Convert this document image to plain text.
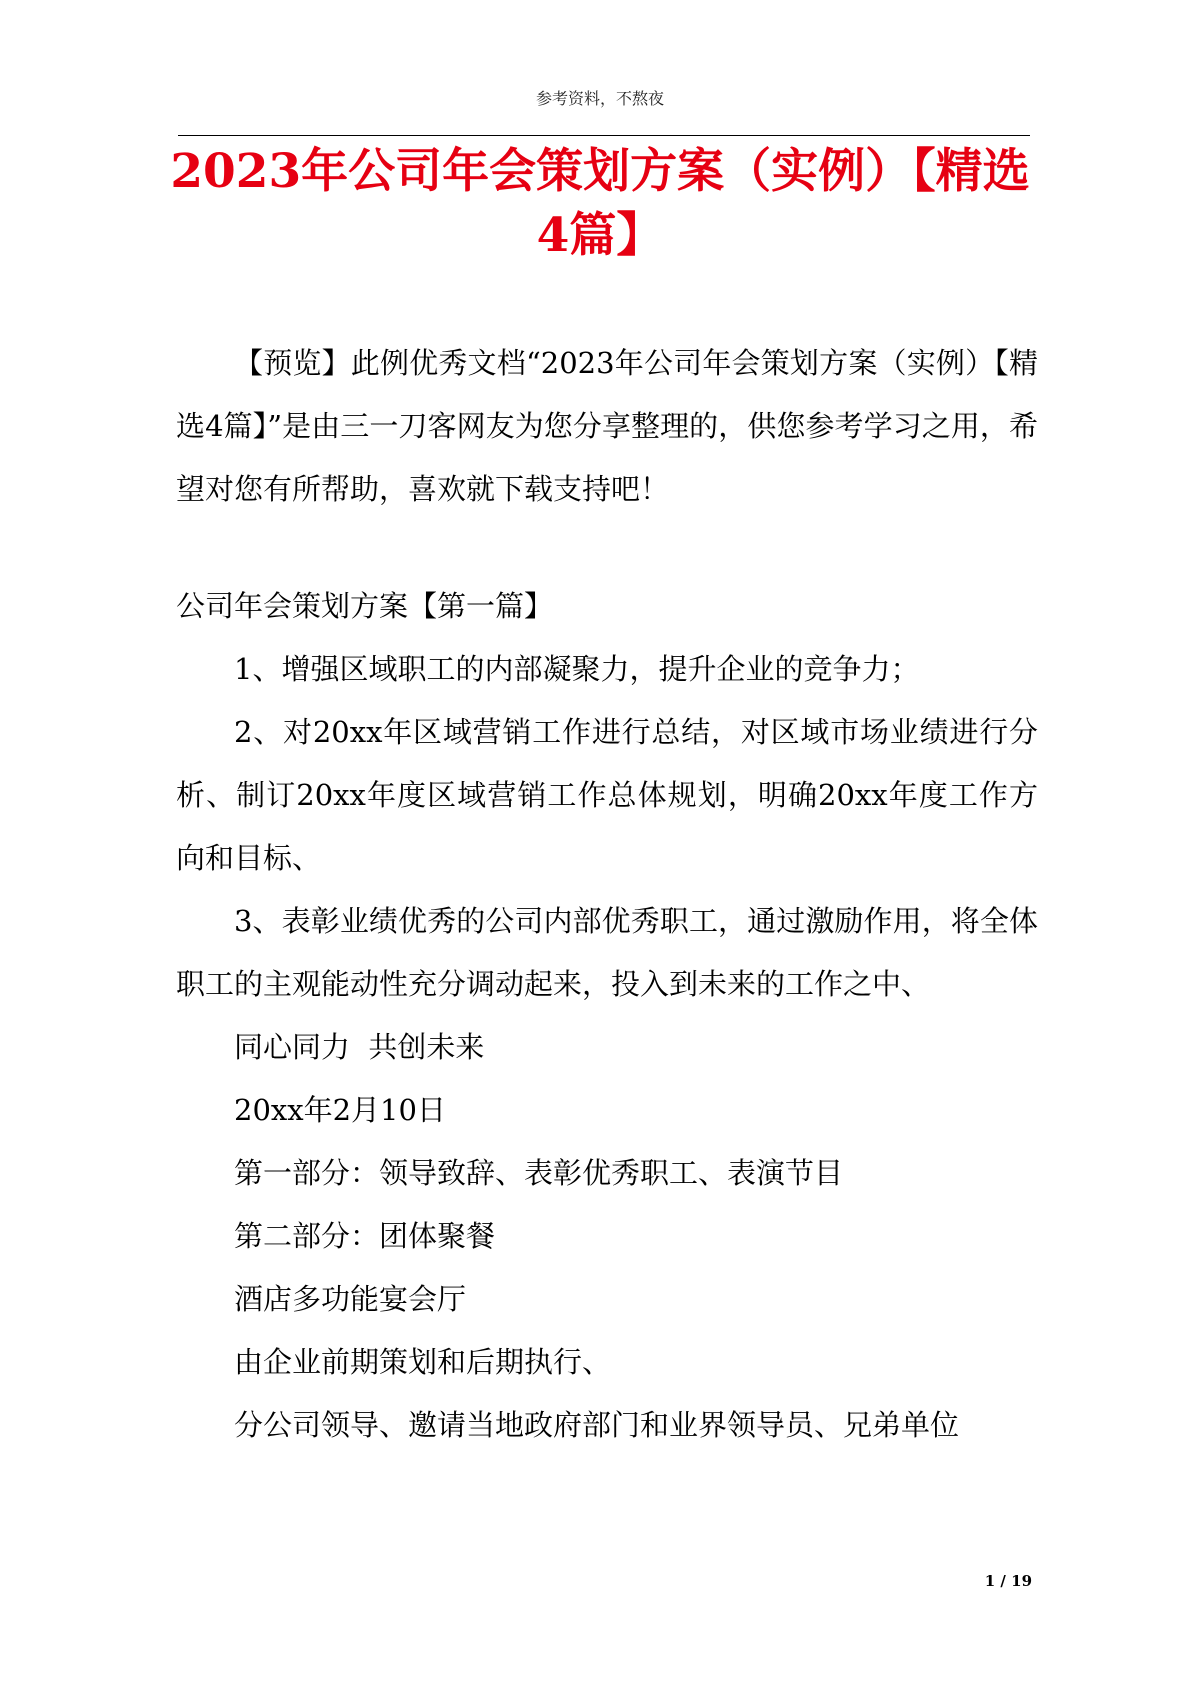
参考资料，不熬夜
2023年公司年会策划方案（实例）【精选4篇】

【预览】此例优秀文档“2023年公司年会策划方案（实例）【精选4篇】”是由三一刀客网友为您分享整理的，供您参考学习之用，希望对您有所帮助，喜欢就下载支持吧！

公司年会策划方案【第一篇】

1、增强区域职工的内部凝聚力，提升企业的竞争力；

2、对20xx年区域营销工作进行总结，对区域市场业绩进行分析、制订20xx年度区域营销工作总体规划，明确20xx年度工作方向和目标、

3、表彰业绩优秀的公司内部优秀职工，通过激励作用，将全体职工的主观能动性充分调动起来，投入到未来的工作之中、

同心同力  共创未来

20xx年2月10日

第一部分：领导致辞、表彰优秀职工、表演节目

第二部分：团体聚餐

酒店多功能宴会厅

由企业前期策划和后期执行、

分公司领导、邀请当地政府部门和业界领导员、兄弟单位

1 / 19
